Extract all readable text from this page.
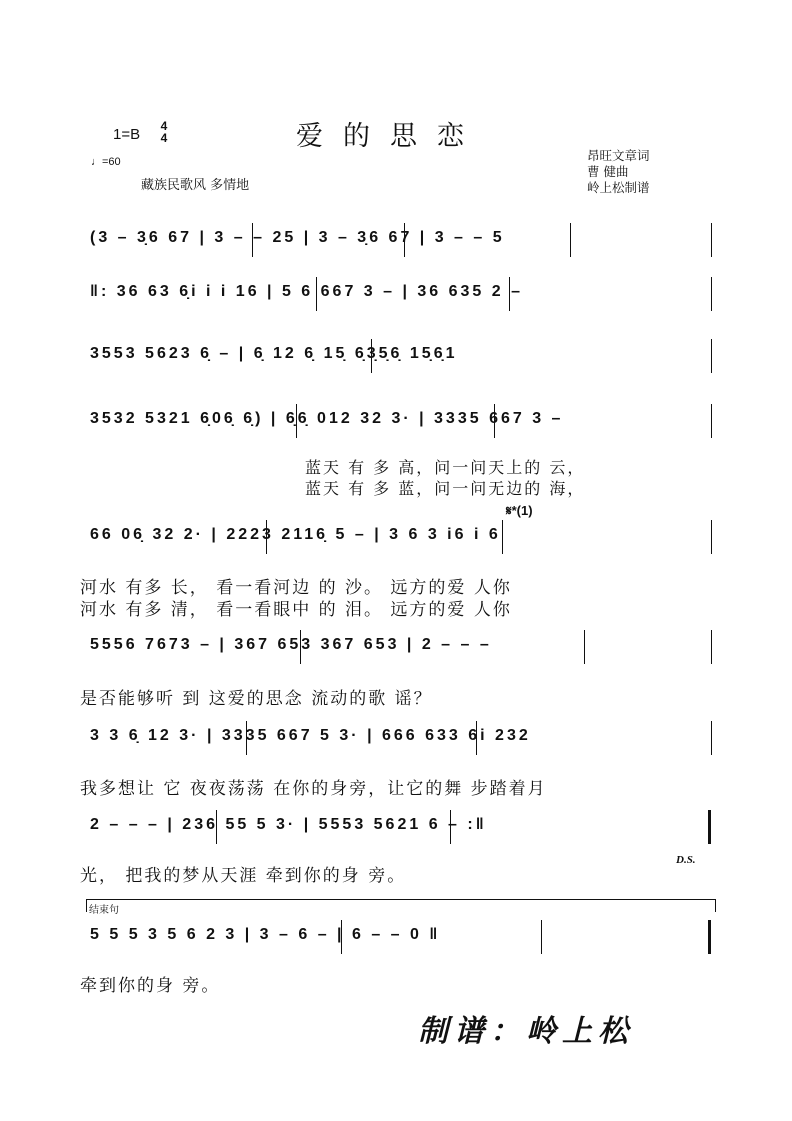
1=B 4
4	爱的思恋
♩=60
藏族民歌风 多情地
昂旺文章词
曹 健曲
岭上松制谱
(3 – 3̣6 67 | 3 – – 25 | 3 – 3̣6 67 | 3 – – 5
‖: 36 63 6̣i i i 16 | 5 6 667 3 – | 36 635 2 –
3553 5623 6̣ – | 6̣ 12 6̣ 15̣ 6̣3̣5̣6̣ 15̣6̣1
3532 5321 6̣06̣ 6̣) | 6̣6̣ 012 32 3· | 3335 667 3 –
蓝天 有 多 高，问一问天上的 云，
蓝天 有 多 蓝，问一问无边的 海，
𝄋*(1)
66 06̣ 32 2· | 2223 2116̣ 5 – | 3 6 3 i6 i 6
河水 有多 长， 看一看河边 的 沙。 远方的爱 人你
河水 有多 清， 看一看眼中 的 泪。 远方的爱 人你
5556 7673 – | 367 653 367 653 | 2 – – –
是否能够听 到 这爱的思念 流动的歌 谣？
3 3 6̣ 12 3· | 3335 667 5 3· | 666 633 6i 232
我多想让 它 夜夜荡荡 在你的身旁，让它的舞 步踏着月
2 – – – | 236 55 5 3· | 5553 5621 6 – :‖
D.S.
光， 把我的梦从天涯 牵到你的身 旁。
结束句
5 5 5 3 5 6 2 3 | 3 – 6 – | 6 – – 0 ‖
牵到你的身 旁。
制谱：岭上松
